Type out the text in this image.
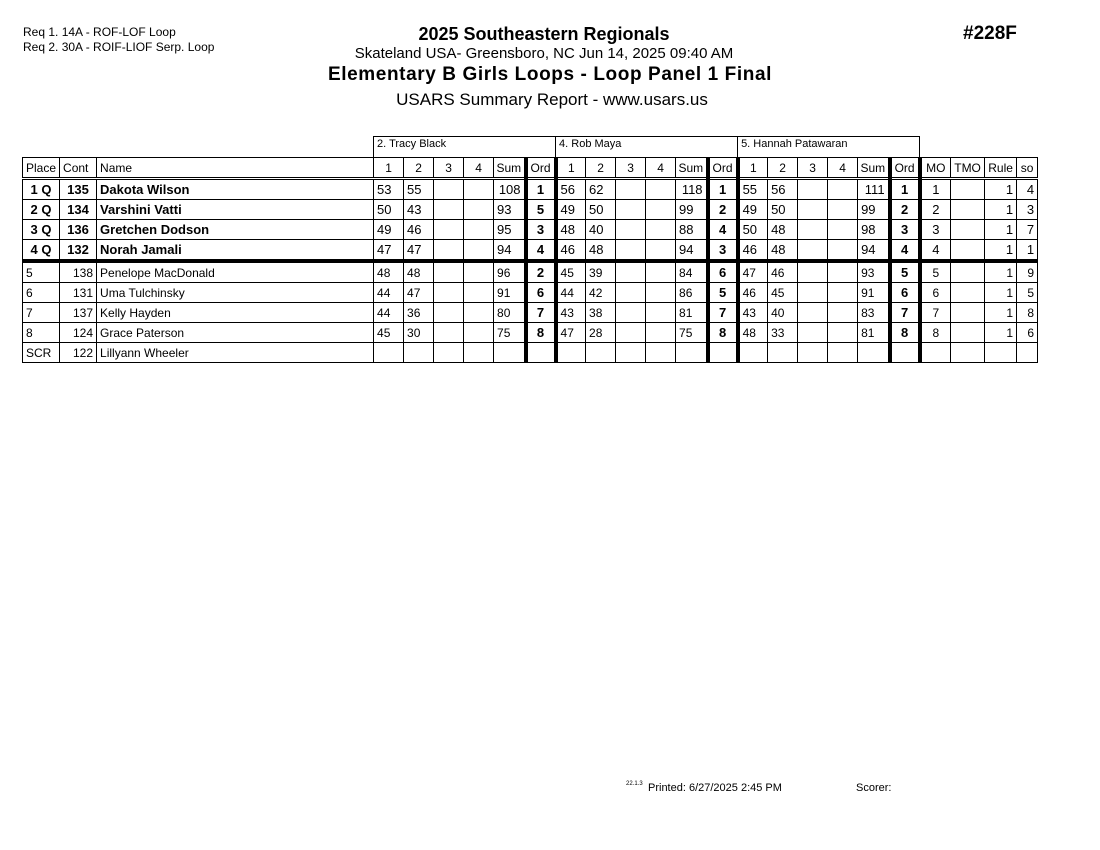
Req 1. 14A - ROF-LOF Loop
Req 2. 30A - ROIF-LIOF Serp. Loop
2025 Southeastern Regionals
Skateland USA- Greensboro, NC Jun 14, 2025 09:40 AM
Elementary B Girls Loops - Loop Panel 1 Final
USARS Summary Report - www.usars.us
#228F
			2. Tracy Black						4. Rob Maya						5. Hannah Patawaran									
Place	Cont	Name	1	2	3	4	Sum	Ord	1	2	3	4	Sum	Ord	1	2	3	4	Sum	Ord	MO	TMO	Rule	so
1 Q	135	Dakota Wilson	53	55			108	1	56	62			118	1	55	56			111	1	1		1	4
2 Q	134	Varshini Vatti	50	43			93	5	49	50			99	2	49	50			99	2	2		1	3
3 Q	136	Gretchen Dodson	49	46			95	3	48	40			88	4	50	48			98	3	3		1	7
4 Q	132	Norah Jamali	47	47			94	4	46	48			94	3	46	48			94	4	4		1	1
5	138	Penelope MacDonald	48	48			96	2	45	39			84	6	47	46			93	5	5		1	9
6	131	Uma Tulchinsky	44	47			91	6	44	42			86	5	46	45			91	6	6		1	5
7	137	Kelly Hayden	44	36			80	7	43	38			81	7	43	40			83	7	7		1	8
8	124	Grace Paterson	45	30			75	8	47	28			75	8	48	33			81	8	8		1	6
SCR	122	Lillyann Wheeler																						
22.1.3 Printed: 6/27/2025 2:45 PM	Scorer:
